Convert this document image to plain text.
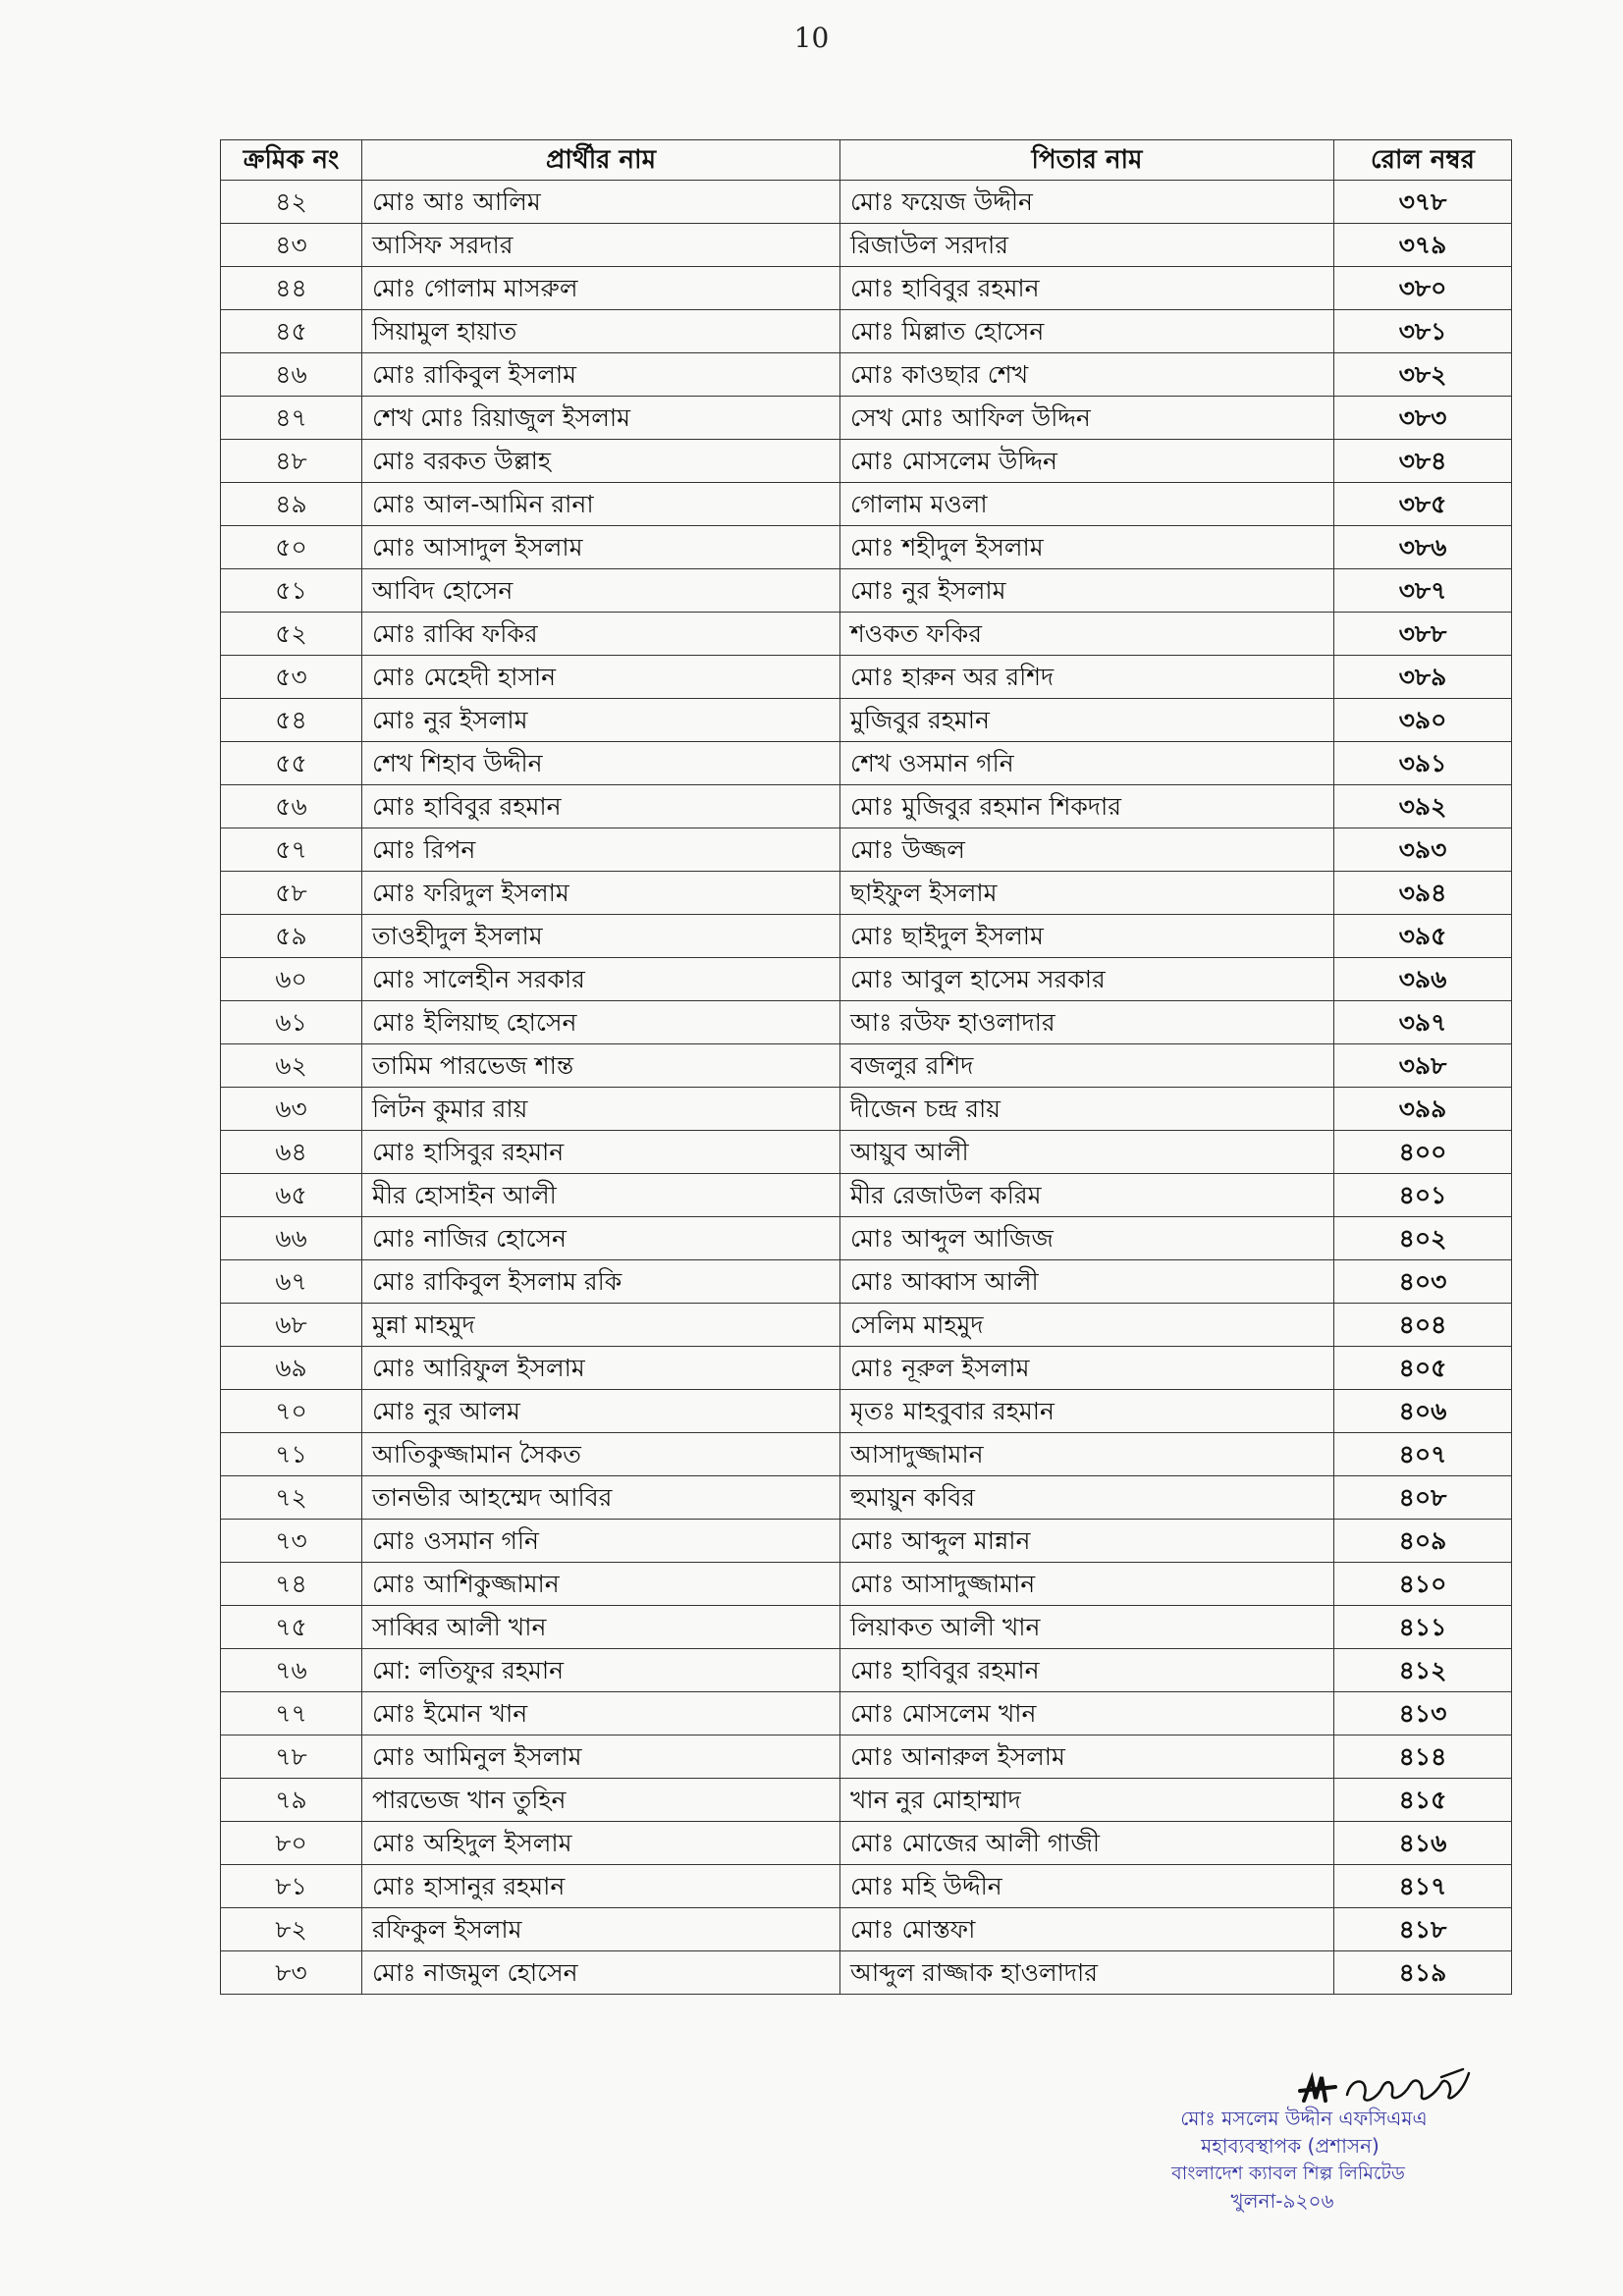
10
ক্রমিক নং	প্রার্থীর নাম	পিতার নাম	রোল নম্বর
৪২	মোঃ আঃ আলিম	মোঃ ফয়েজ উদ্দীন	৩৭৮
৪৩	আসিফ সরদার	রিজাউল সরদার	৩৭৯
৪৪	মোঃ গোলাম মাসরুল	মোঃ হাবিবুর রহমান	৩৮০
৪৫	সিয়ামুল হায়াত	মোঃ মিল্লাত হোসেন	৩৮১
৪৬	মোঃ রাকিবুল ইসলাম	মোঃ কাওছার শেখ	৩৮২
৪৭	শেখ মোঃ রিয়াজুল ইসলাম	সেখ মোঃ আফিল উদ্দিন	৩৮৩
৪৮	মোঃ বরকত উল্লাহ	মোঃ মোসলেম উদ্দিন	৩৮৪
৪৯	মোঃ আল-আমিন রানা	গোলাম মওলা	৩৮৫
৫০	মোঃ আসাদুল ইসলাম	মোঃ শহীদুল ইসলাম	৩৮৬
৫১	আবিদ হোসেন	মোঃ নুর ইসলাম	৩৮৭
৫২	মোঃ রাব্বি ফকির	শওকত ফকির	৩৮৮
৫৩	মোঃ মেহেদী হাসান	মোঃ হারুন অর রশিদ	৩৮৯
৫৪	মোঃ নুর ইসলাম	মুজিবুর রহমান	৩৯০
৫৫	শেখ শিহাব উদ্দীন	শেখ ওসমান গনি	৩৯১
৫৬	মোঃ হাবিবুর রহমান	মোঃ মুজিবুর রহমান শিকদার	৩৯২
৫৭	মোঃ রিপন	মোঃ উজ্জল	৩৯৩
৫৮	মোঃ ফরিদুল ইসলাম	ছাইফুল ইসলাম	৩৯৪
৫৯	তাওহীদুল ইসলাম	মোঃ ছাইদুল ইসলাম	৩৯৫
৬০	মোঃ সালেহীন সরকার	মোঃ আবুল হাসেম সরকার	৩৯৬
৬১	মোঃ ইলিয়াছ হোসেন	আঃ রউফ হাওলাদার	৩৯৭
৬২	তামিম পারভেজ শান্ত	বজলুর রশিদ	৩৯৮
৬৩	লিটন কুমার রায়	দীজেন চন্দ্র রায়	৩৯৯
৬৪	মোঃ হাসিবুর রহমান	আয়ুব আলী	৪০০
৬৫	মীর হোসাইন আলী	মীর রেজাউল করিম	৪০১
৬৬	মোঃ নাজির হোসেন	মোঃ আব্দুল আজিজ	৪০২
৬৭	মোঃ রাকিবুল ইসলাম রকি	মোঃ আব্বাস আলী	৪০৩
৬৮	মুন্না মাহমুদ	সেলিম মাহমুদ	৪০৪
৬৯	মোঃ আরিফুল ইসলাম	মোঃ নূরুল ইসলাম	৪০৫
৭০	মোঃ নুর আলম	মৃতঃ মাহবুবার রহমান	৪০৬
৭১	আতিকুজ্জামান সৈকত	আসাদুজ্জামান	৪০৭
৭২	তানভীর আহম্মেদ আবির	হুমায়ুন কবির	৪০৮
৭৩	মোঃ ওসমান গনি	মোঃ আব্দুল মান্নান	৪০৯
৭৪	মোঃ আশিকুজ্জামান	মোঃ আসাদুজ্জামান	৪১০
৭৫	সাব্বির আলী খান	লিয়াকত আলী খান	৪১১
৭৬	মো: লতিফুর রহমান	মোঃ হাবিবুর রহমান	৪১২
৭৭	মোঃ ইমোন খান	মোঃ মোসলেম খান	৪১৩
৭৮	মোঃ আমিনুল ইসলাম	মোঃ আনারুল ইসলাম	৪১৪
৭৯	পারভেজ খান তুহিন	খান নুর মোহাম্মাদ	৪১৫
৮০	মোঃ অহিদুল ইসলাম	মোঃ মোজের আলী গাজী	৪১৬
৮১	মোঃ হাসানুর রহমান	মোঃ মহি উদ্দীন	৪১৭
৮২	রফিকুল ইসলাম	মোঃ মোস্তফা	৪১৮
৮৩	মোঃ নাজমুল হোসেন	আব্দুল রাজ্জাক হাওলাদার	৪১৯
মোঃ মসলেম উদ্দীন এফসিএমএ
মহাব্যবস্থাপক (প্রশাসন)
বাংলাদেশ ক্যাবল শিল্প লিমিটেড
খুলনা-৯২০৬
